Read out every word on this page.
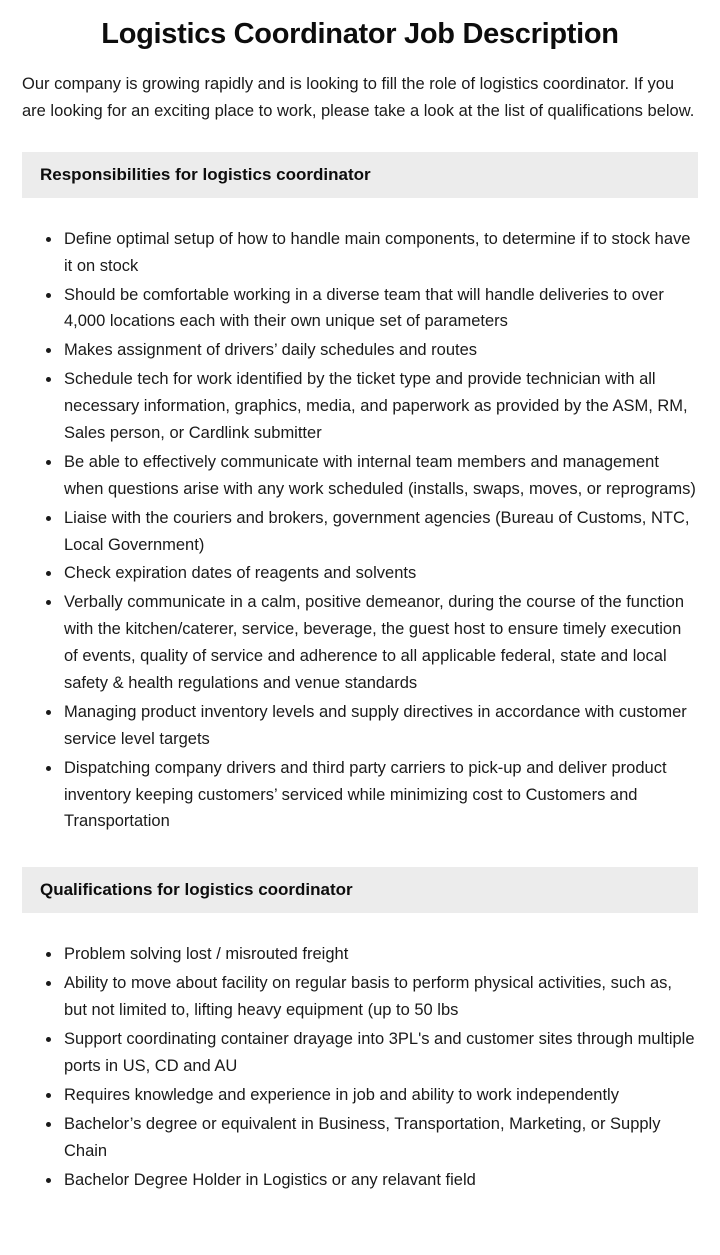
Logistics Coordinator Job Description

Our company is growing rapidly and is looking to fill the role of logistics coordinator. If you are looking for an exciting place to work, please take a look at the list of qualifications below.

Responsibilities for logistics coordinator
• Define optimal setup of how to handle main components, to determine if to stock have it on stock
• Should be comfortable working in a diverse team that will handle deliveries to over 4,000 locations each with their own unique set of parameters
• Makes assignment of drivers’ daily schedules and routes
• Schedule tech for work identified by the ticket type and provide technician with all necessary information, graphics, media, and paperwork as provided by the ASM, RM, Sales person, or Cardlink submitter
• Be able to effectively communicate with internal team members and management when questions arise with any work scheduled (installs, swaps, moves, or reprograms)
• Liaise with the couriers and brokers, government agencies (Bureau of Customs, NTC, Local Government)
• Check expiration dates of reagents and solvents
• Verbally communicate in a calm, positive demeanor, during the course of the function with the kitchen/caterer, service, beverage, the guest host to ensure timely execution of events, quality of service and adherence to all applicable federal, state and local safety & health regulations and venue standards
• Managing product inventory levels and supply directives in accordance with customer service level targets
• Dispatching company drivers and third party carriers to pick-up and deliver product inventory keeping customers’ serviced while minimizing cost to Customers and Transportation
Qualifications for logistics coordinator
• Problem solving lost / misrouted freight
• Ability to move about facility on regular basis to perform physical activities, such as, but not limited to, lifting heavy equipment (up to 50 lbs
• Support coordinating container drayage into 3PL's and customer sites through multiple ports in US, CD and AU
• Requires knowledge and experience in job and ability to work independently
• Bachelor’s degree or equivalent in Business, Transportation, Marketing, or Supply Chain
• Bachelor Degree Holder in Logistics or any relavant field
